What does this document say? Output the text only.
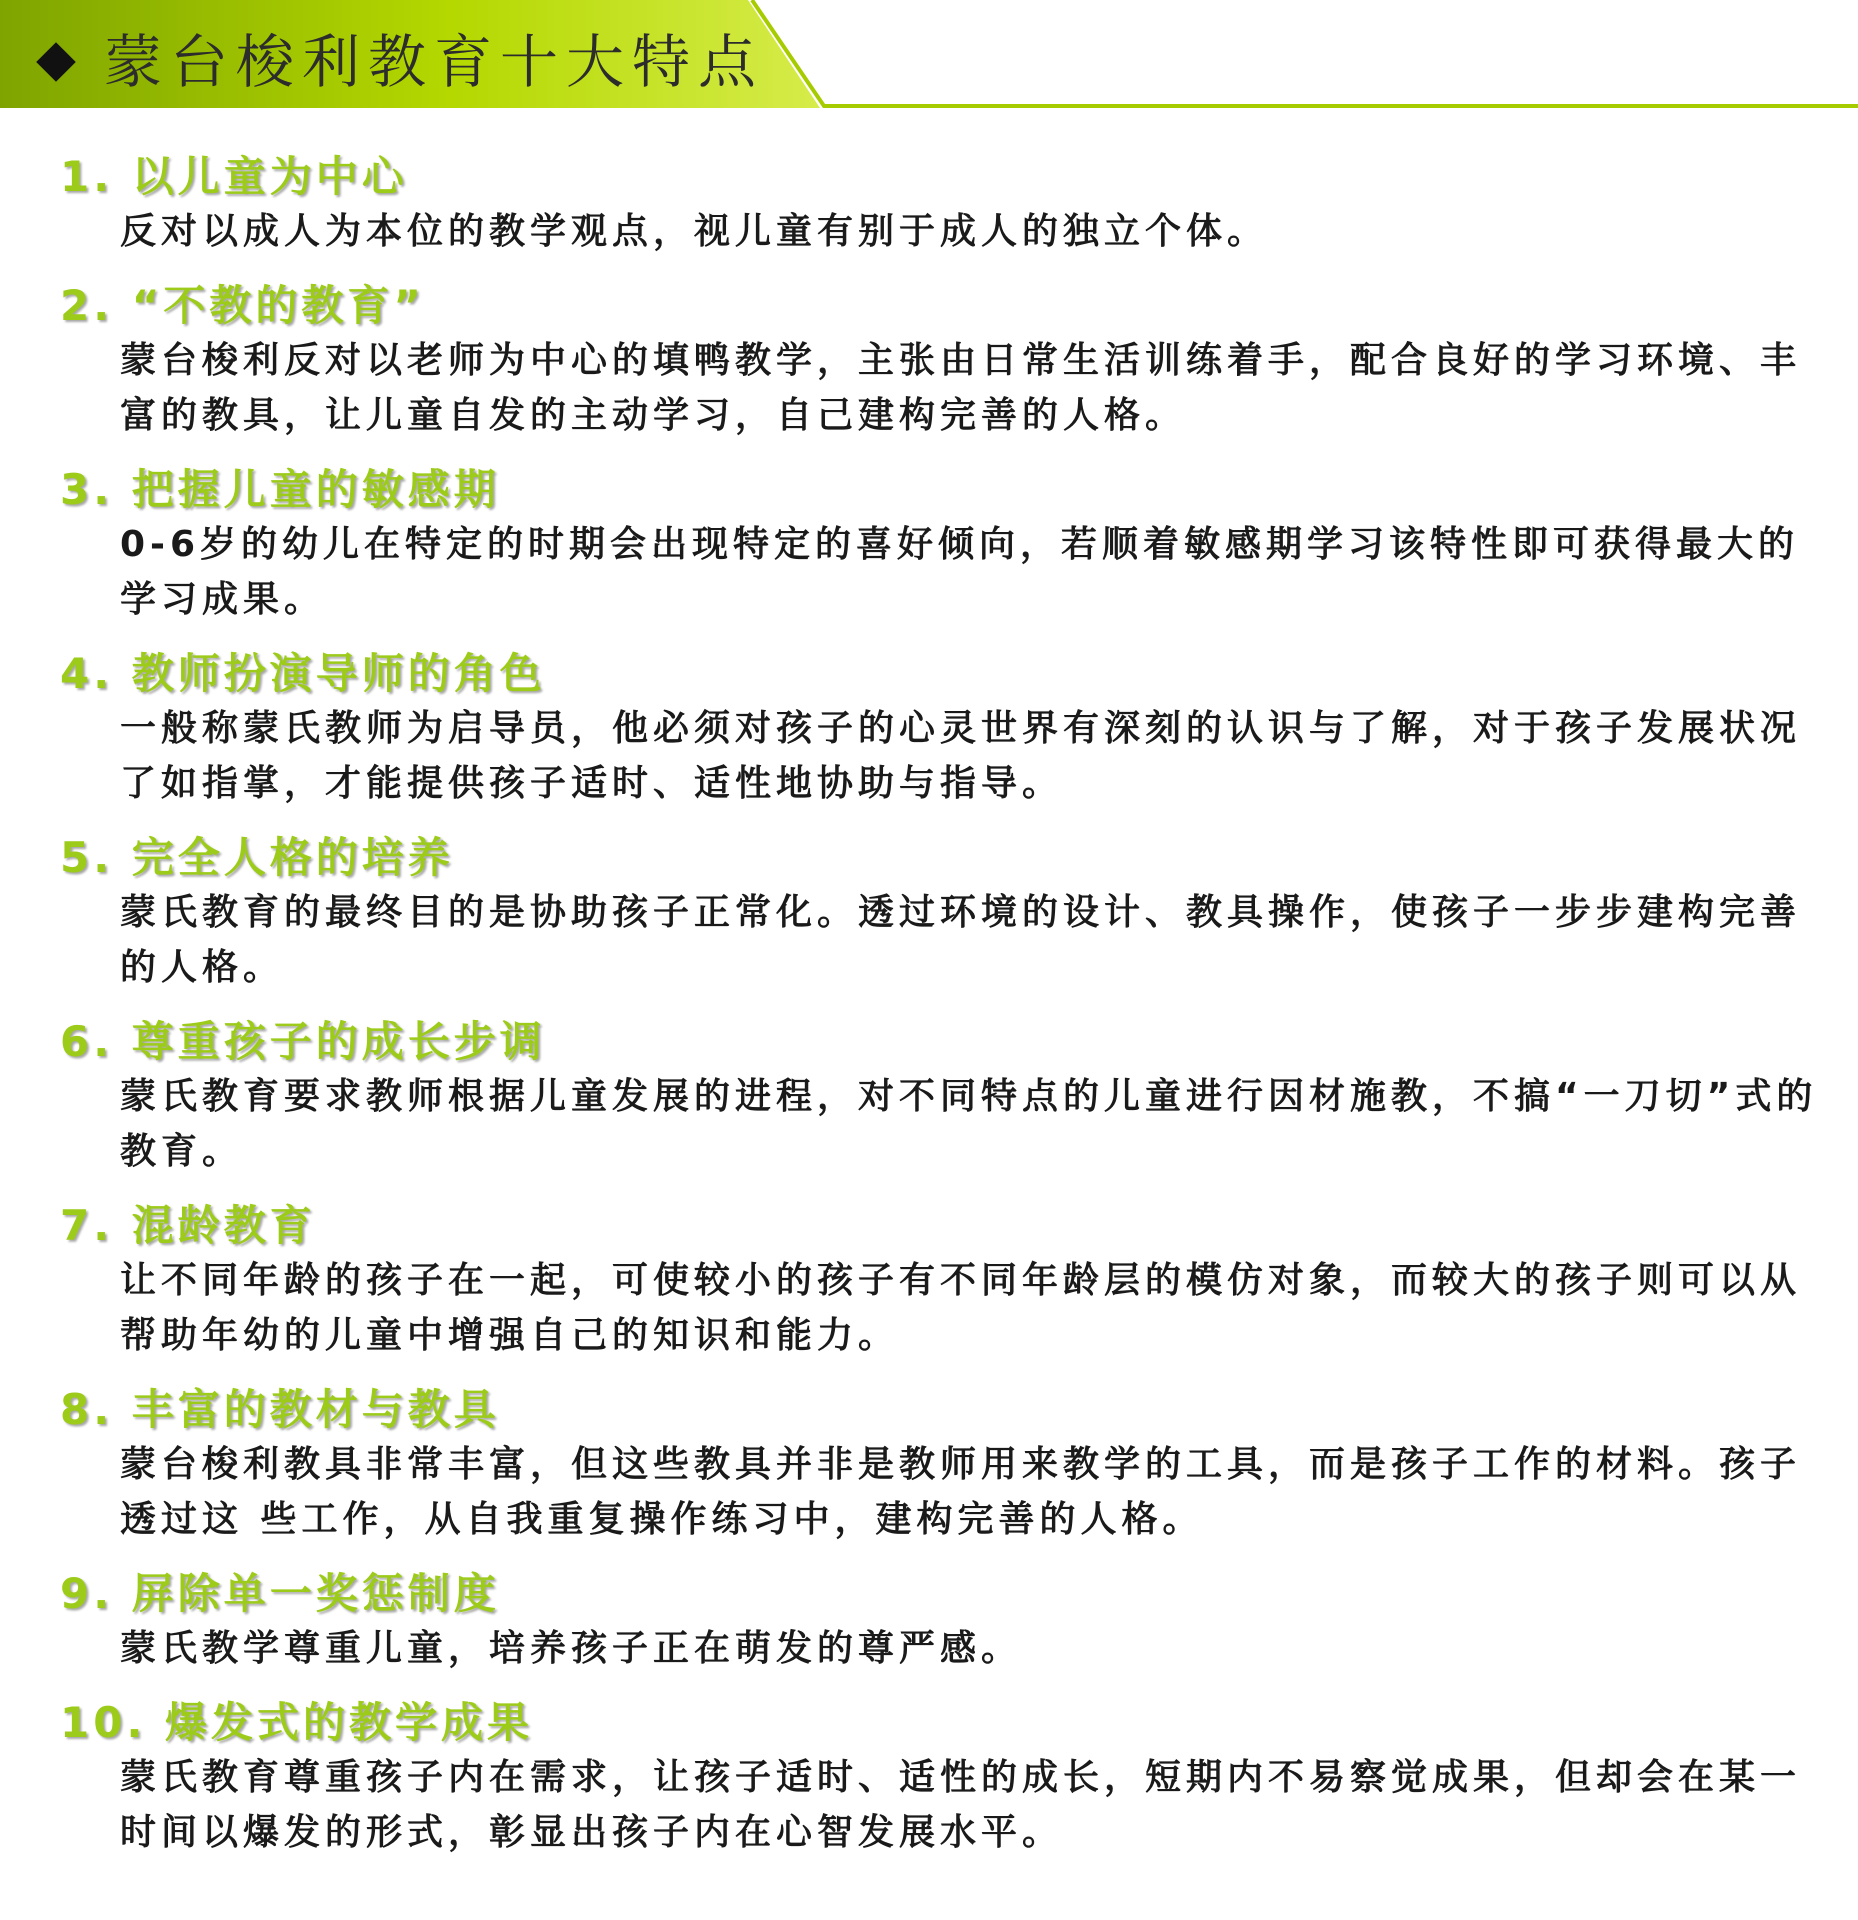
蒙台梭利教育十大特点
1. 以儿童为中心
反对以成人为本位的教学观点，视儿童有别于成人的独立个体。
2. “不教的教育”
蒙台梭利反对以老师为中心的填鸭教学，主张由日常生活训练着手，配合良好的学习环境、丰富的教具，让儿童自发的主动学习，自己建构完善的人格。
3. 把握儿童的敏感期
0-6岁的幼儿在特定的时期会出现特定的喜好倾向，若顺着敏感期学习该特性即可获得最大的学习成果。
4. 教师扮演导师的角色
一般称蒙氏教师为启导员，他必须对孩子的心灵世界有深刻的认识与了解，对于孩子发展状况了如指掌，才能提供孩子适时、适性地协助与指导。
5. 完全人格的培养
蒙氏教育的最终目的是协助孩子正常化。透过环境的设计、教具操作，使孩子一步步建构完善的人格。
6. 尊重孩子的成长步调
蒙氏教育要求教师根据儿童发展的进程，对不同特点的儿童进行因材施教，不搞“一刀切”式的教育。
7. 混龄教育
让不同年龄的孩子在一起，可使较小的孩子有不同年龄层的模仿对象，而较大的孩子则可以从帮助年幼的儿童中增强自己的知识和能力。
8. 丰富的教材与教具
蒙台梭利教具非常丰富，但这些教具并非是教师用来教学的工具，而是孩子工作的材料。孩子透过这 些工作，从自我重复操作练习中，建构完善的人格。
9. 屏除单一奖惩制度
蒙氏教学尊重儿童，培养孩子正在萌发的尊严感。
10. 爆发式的教学成果
蒙氏教育尊重孩子内在需求，让孩子适时、适性的成长，短期内不易察觉成果，但却会在某一时间以爆发的形式，彰显出孩子内在心智发展水平。
